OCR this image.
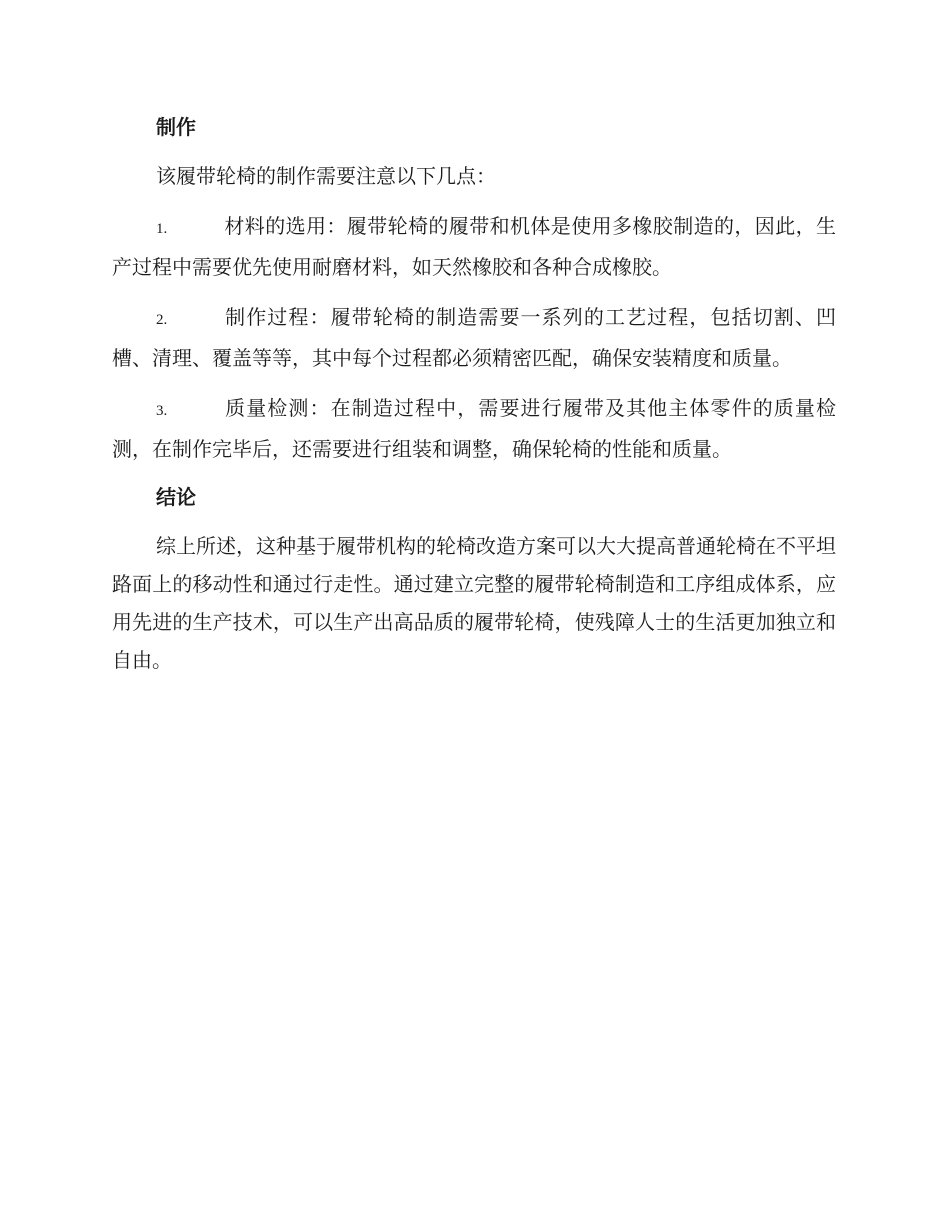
制作

该履带轮椅的制作需要注意以下几点：

1.	材料的选用：履带轮椅的履带和机体是使用多橡胶制造的，因此，生产过程中需要优先使用耐磨材料，如天然橡胶和各种合成橡胶。

2.	制作过程：履带轮椅的制造需要一系列的工艺过程，包括切割、凹槽、清理、覆盖等等，其中每个过程都必须精密匹配，确保安装精度和质量。

3.	质量检测：在制造过程中，需要进行履带及其他主体零件的质量检测，在制作完毕后，还需要进行组装和调整，确保轮椅的性能和质量。

结论

综上所述，这种基于履带机构的轮椅改造方案可以大大提高普通轮椅在不平坦路面上的移动性和通过行走性。通过建立完整的履带轮椅制造和工序组成体系，应用先进的生产技术，可以生产出高品质的履带轮椅，使残障人士的生活更加独立和自由。
